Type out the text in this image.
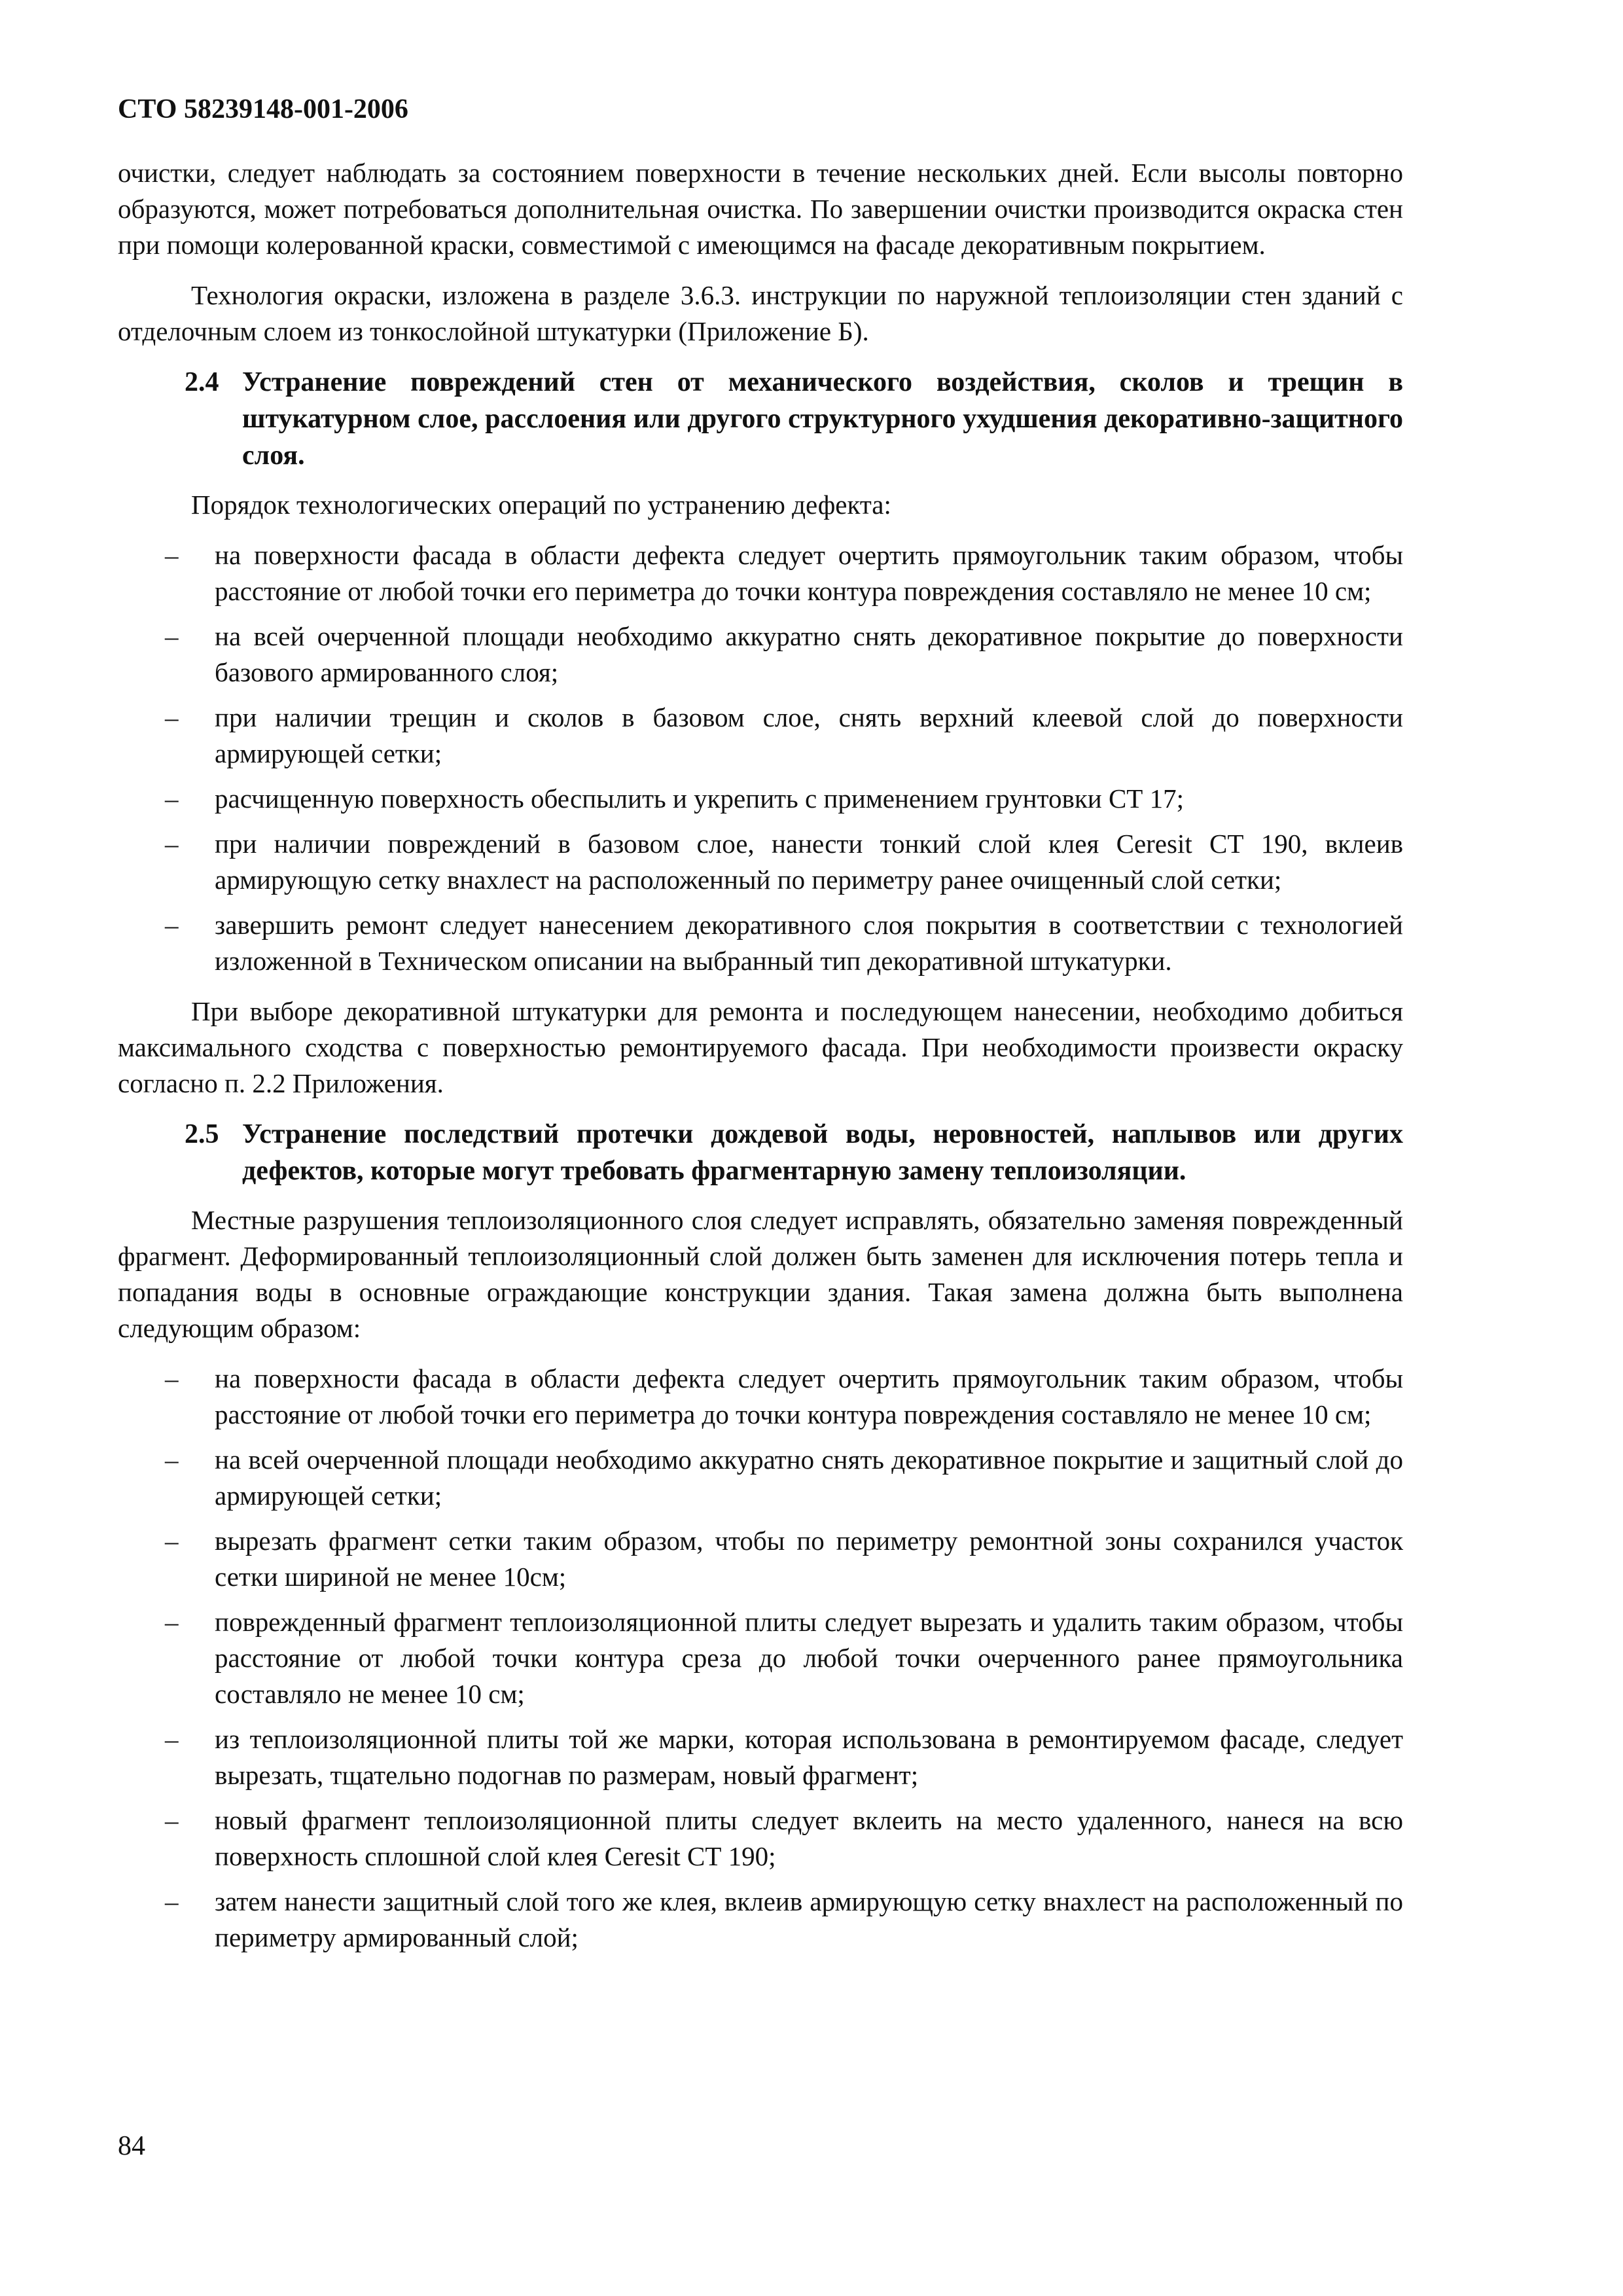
СТО 58239148-001-2006

очистки, следует наблюдать за состоянием поверхности в течение нескольких дней. Если высолы повторно образуются, может потребоваться дополнительная очистка. По завершении очистки производится окраска стен при помощи колерованной краски, совместимой с имеющимся на фасаде декоративным покрытием.

Технология окраски, изложена в разделе 3.6.3. инструкции по наружной теплоизоляции стен зданий с отделочным слоем из тонкослойной штукатурки (Приложение Б).

2.4 Устранение повреждений стен от механического воздействия, сколов и трещин в штукатурном слое, расслоения или другого структурного ухудшения декоративно-защитного слоя.

Порядок технологических операций по устранению дефекта:

– на поверхности фасада в области дефекта следует очертить прямоугольник таким образом, чтобы расстояние от любой точки его периметра до точки контура повреждения составляло не менее 10 см;
– на всей очерченной площади необходимо аккуратно снять декоративное покрытие до поверхности базового армированного слоя;
– при наличии трещин и сколов в базовом слое, снять верхний клеевой слой до поверхности армирующей сетки;
– расчищенную поверхность обеспылить и укрепить с применением грунтовки СТ 17;
– при наличии повреждений в базовом слое, нанести тонкий слой клея Ceresit СТ 190, вклеив армирующую сетку внахлест на расположенный по периметру ранее очищенный слой сетки;
– завершить ремонт следует нанесением декоративного слоя покрытия в соответствии с технологией изложенной в Техническом описании на выбранный тип декоративной штукатурки.

При выборе декоративной штукатурки для ремонта и последующем нанесении, необходимо добиться максимального сходства с поверхностью ремонтируемого фасада. При необходимости произвести окраску согласно п. 2.2 Приложения.

2.5 Устранение последствий протечки дождевой воды, неровностей, наплывов или других дефектов, которые могут требовать фрагментарную замену теплоизоляции.

Местные разрушения теплоизоляционного слоя следует исправлять, обязательно заменяя поврежденный фрагмент. Деформированный теплоизоляционный слой должен быть заменен для исключения потерь тепла и попадания воды в основные ограждающие конструкции здания. Такая замена должна быть выполнена следующим образом:

– на поверхности фасада в области дефекта следует очертить прямоугольник таким образом, чтобы расстояние от любой точки его периметра до точки контура повреждения составляло не менее 10 см;
– на всей очерченной площади необходимо аккуратно снять декоративное покрытие и защитный слой до армирующей сетки;
– вырезать фрагмент сетки таким образом, чтобы по периметру ремонтной зоны сохранился участок сетки шириной не менее 10см;
– поврежденный фрагмент теплоизоляционной плиты следует вырезать и удалить таким образом, чтобы расстояние от любой точки контура среза до любой точки очерченного ранее прямоугольника составляло не менее 10 см;
– из теплоизоляционной плиты той же марки, которая использована в ремонтируемом фасаде, следует вырезать, тщательно подогнав по размерам, новый фрагмент;
– новый фрагмент теплоизоляционной плиты следует вклеить на место удаленного, нанеся на всю поверхность сплошной слой клея Ceresit СТ 190;
– затем нанести защитный слой того же клея, вклеив армирующую сетку внахлест на расположенный по периметру армированный слой;
84
